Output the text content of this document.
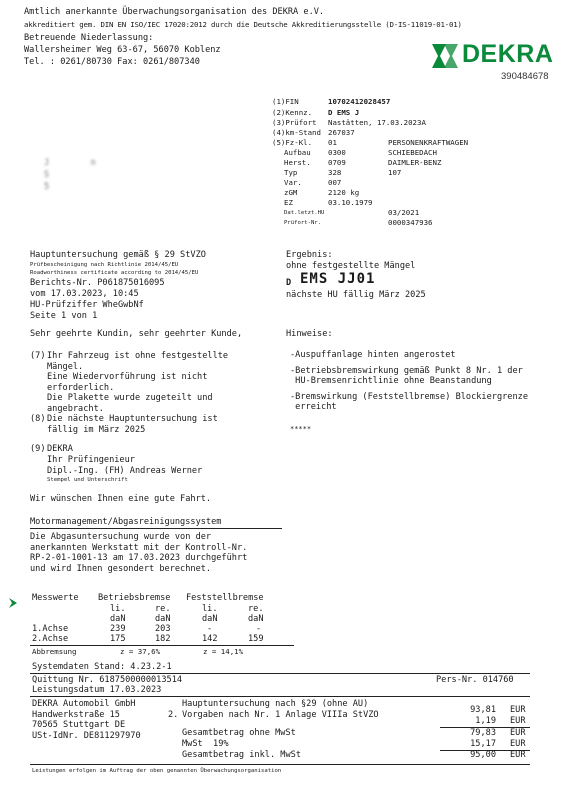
Amtlich anerkannte Überwachungsorganisation des DEKRA e.V.
akkreditiert gem. DIN EN ISO/IEC 17020:2012 durch die Deutsche Akkreditierungsstelle (D-IS-11019-01-01)
Betreuende Niederlassung:
Wallersheimer Weg 63-67, 56070 Koblenz
Tel. : 0261/80730 Fax: 0261/807340	DEKRA
390484678
J        n
S    
5    
(1)FIN	10702412028457
(2)Kennz. D EMS J
(3)Prüfort Nastätten, 17.03.2023A
(4)km-Stand 267037
(5)Fz-Kl. 01	PERSONENKRAFTWAGEN
Aufbau 0300	SCHIEBEDACH
Herst. 0709	DAIMLER-BENZ
Typ	328	107
Var.	007
zGM	2120 kg
EZ	03.10.1979
Dat.letzt.HU	03/2021
Prüfort-Nr.	0000347936
Hauptuntersuchung gemäß § 29 StVZO
Prüfbescheinigung nach Richtlinie 2014/45/EU
Roadworthiness certificate according to 2014/45/EU
Berichts-Nr. P061875016095
vom 17.03.2023, 10:45
HU-Prüfziffer WheGwbNf
Seite 1 von 1
Ergebnis:
ohne festgestellte Mängel
D EMS JJ01
nächste HU fällig März 2025
Sehr geehrte Kundin, sehr geehrter Kunde,	Hinweise:
(7) Ihr Fahrzeug ist ohne festgestellte
Mängel.
Eine Wiedervorführung ist nicht
erforderlich.
Die Plakette wurde zugeteilt und
angebracht.
(8) Die nächste Hauptuntersuchung ist
fällig im März 2025
-Auspuffanlage hinten angerostet
-Betriebsbremswirkung gemäß Punkt 8 Nr. 1 der
HU-Bremsenrichtlinie ohne Beanstandung
-Bremswirkung (Feststellbremse) Blockiergrenze
erreicht
*****
(9) DEKRA
Ihr Prüfingenieur
Dipl.-Ing. (FH) Andreas Werner
Stempel und Unterschrift
Wir wünschen Ihnen eine gute Fahrt.
Motormanagement/Abgasreinigungssystem
Die Abgasuntersuchung wurde von der
anerkannten Werkstatt mit der Kontroll-Nr.
RP-2-01-1001-13 am 17.03.2023 durchgeführt
und wird Ihnen gesondert berechnet.
Messwerte Betriebsbremse Feststellbremse
li.	re.	li.	re.
daN	daN	daN	daN
1.Achse	239	203	-	-
2.Achse	175	182	142	159
Abbremsung	z = 37,6%	z = 14,1%
Systemdaten Stand: 4.23.2-1
Quittung Nr. 6187500000013514	Pers-Nr. 014760
Leistungsdatum 17.03.2023
DEKRA Automobil GmbH
Handwerkstraße 15
70565 Stuttgart DE
USt-IdNr. DE811297970
Hauptuntersuchung nach §29 (ohne AU)
93,81 EUR
2. Vorgaben nach Nr. 1 Anlage VIIIa StVZO
1,19 EUR
Gesamtbetrag ohne MwSt	79,83 EUR
MwSt  19%	15,17 EUR
Gesamtbetrag inkl. MwSt	95,00 EUR
Leistungen erfolgen im Auftrag der oben genannten Überwachungsorganisation
